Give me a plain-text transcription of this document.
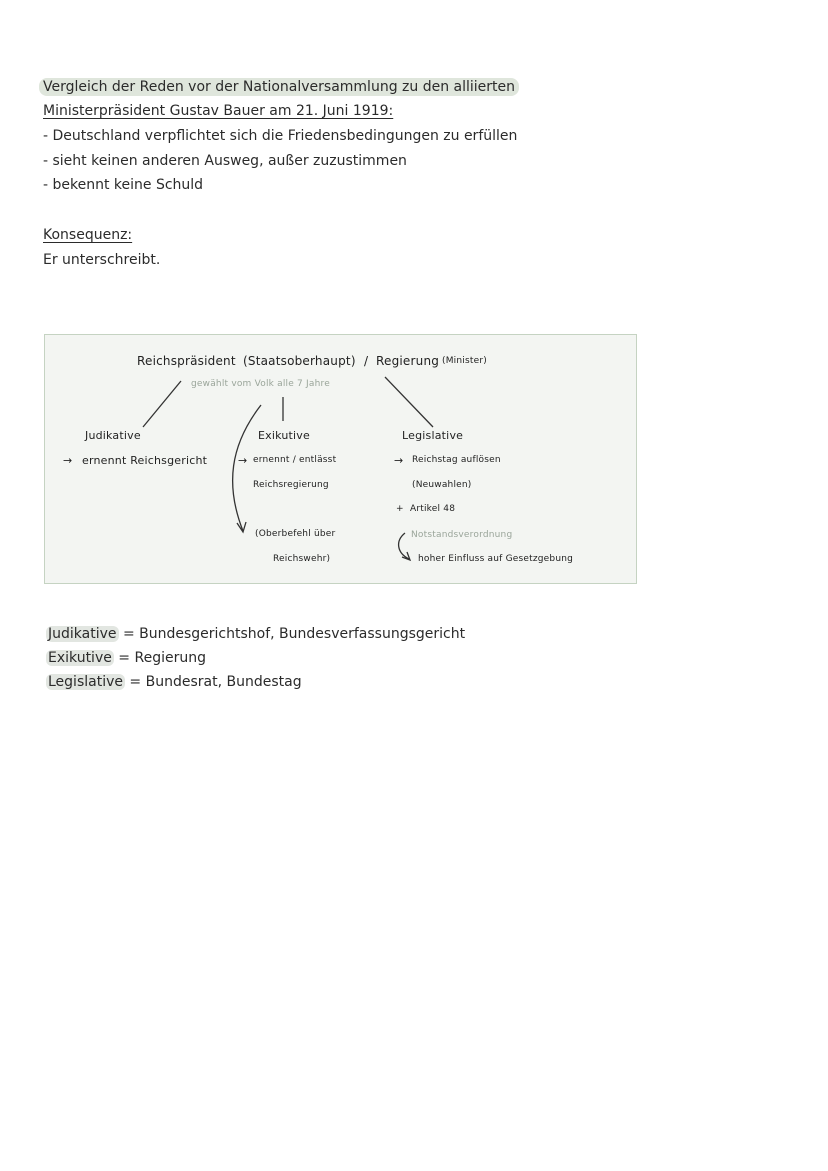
Vergleich der Reden vor der Nationalversammlung zu den alliierten
Ministerpräsident Gustav Bauer am 21. Juni 1919:
- Deutschland verpflichtet sich die Friedensbedingungen zu erfüllen
- sieht keinen anderen Ausweg, außer zuzustimmen
- bekennt keine Schuld
Konsequenz:
Er unterschreibt.
Reichspräsident (Staatsoberhaupt) / Regierung (Minister)
gewählt vom Volk alle 7 Jahre
Judikative
→ ernennt Reichsgericht
Exikutive
→ ernennt / entlässt
Reichsregierung
(Oberbefehl über
Reichswehr)
Legislative
→ Reichstag auflösen
(Neuwahlen)
+ Artikel 48
Notstandsverordnung
hoher Einfluss auf Gesetzgebung
Judikative = Bundesgerichtshof, Bundesverfassungsgericht
Exikutive = Regierung
Legislative = Bundesrat, Bundestag
